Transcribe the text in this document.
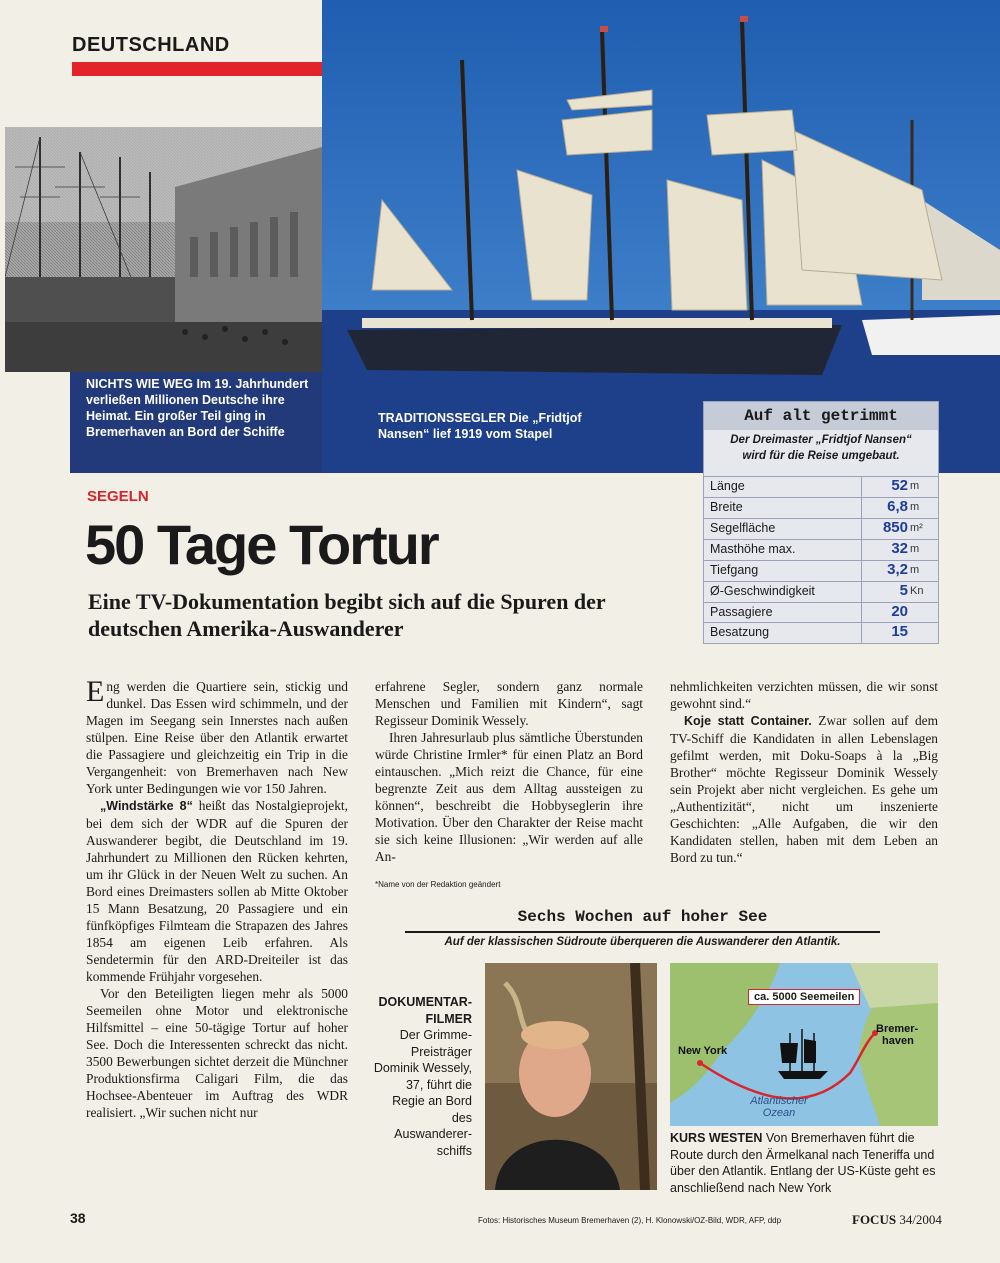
DEUTSCHLAND
NICHTS WIE WEG Im 19. Jahrhundert verließen Millionen Deutsche ihre Heimat. Ein großer Teil ging in Bremerhaven an Bord der Schiffe
TRADITIONSSEGLER Die „Fridtjof Nansen“ lief 1919 vom Stapel
Auf alt getrimmt
Der Dreimaster „Fridtjof Nansen“
wird für die Reise umgebaut.
Länge	52 m
Breite	6,8 m
Segelfläche	850 m²
Masthöhe max.	32 m
Tiefgang	3,2 m
Ø-Geschwindigkeit	5 Kn
Passagiere	20
Besatzung	15
SEGELN
50 Tage Tortur
Eine TV-Dokumentation begibt sich auf die Spuren der deutschen Amerika-Auswanderer

Eng werden die Quartiere sein, stickig und dunkel. Das Essen wird schimmeln, und der Magen im Seegang sein Innerstes nach außen stülpen. Eine Reise über den Atlantik erwartet die Passagiere und gleichzeitig ein Trip in die Vergangenheit: von Bremerhaven nach New York unter Bedingungen wie vor 150 Jahren.

„Windstärke 8“ heißt das Nostalgieprojekt, bei dem sich der WDR auf die Spuren der Auswanderer begibt, die Deutschland im 19. Jahrhundert zu Millionen den Rücken kehrten, um ihr Glück in der Neuen Welt zu suchen. An Bord eines Dreimasters sollen ab Mitte Oktober 15 Mann Besatzung, 20 Passagiere und ein fünfköpfiges Filmteam die Strapazen des Jahres 1854 am eigenen Leib erfahren. Als Sendetermin für den ARD-Dreiteiler ist das kommende Frühjahr vorgesehen.

Vor den Beteiligten liegen mehr als 5000 Seemeilen ohne Motor und elektronische Hilfsmittel – eine 50-tägige Tortur auf hoher See. Doch die Interessenten schreckt das nicht. 3500 Bewerbungen sichtet derzeit die Münchner Produktionsfirma Caligari Film, die das Hochsee-Abenteuer im Auftrag des WDR realisiert. „Wir suchen nicht nur

erfahrene Segler, sondern ganz normale Menschen und Familien mit Kindern“, sagt Regisseur Dominik Wessely.

Ihren Jahresurlaub plus sämtliche Überstunden würde Christine Irmler* für einen Platz an Bord eintauschen. „Mich reizt die Chance, für eine begrenzte Zeit aus dem Alltag aussteigen zu können“, beschreibt die Hobbyseglerin ihre Motivation. Über den Charakter der Reise macht sie sich keine Illusionen: „Wir werden auf alle An-

*Name von der Redaktion geändert

nehmlichkeiten verzichten müssen, die wir sonst gewohnt sind.“

Koje statt Container. Zwar sollen auf dem TV-Schiff die Kandidaten in allen Lebenslagen gefilmt werden, mit Doku-Soaps à la „Big Brother“ möchte Regisseur Dominik Wessely sein Projekt aber nicht vergleichen. Es gehe um „Authentizität“, nicht um inszenierte Geschichten: „Alle Aufgaben, die wir den Kandidaten stellen, haben mit dem Leben an Bord zu tun.“

Sechs Wochen auf hoher See
Auf der klassischen Südroute überqueren die Auswanderer den Atlantik.
DOKUMENTAR-
FILMER
Der Grimme-Preisträger Dominik Wessely, 37, führt die Regie an Bord des Auswanderer-schiffs
ca. 5000 Seemeilen
New York
Bremer-
haven
Atlantischer
Ozean
KURS WESTEN Von Bremerhaven führt die Route durch den Ärmelkanal nach Teneriffa und über den Atlantik. Entlang der US-Küste geht es anschließend nach New York
38	Fotos: Historisches Museum Bremerhaven (2), H. Klonowski/OZ-Bild, WDR, AFP, ddp	FOCUS 34/2004
